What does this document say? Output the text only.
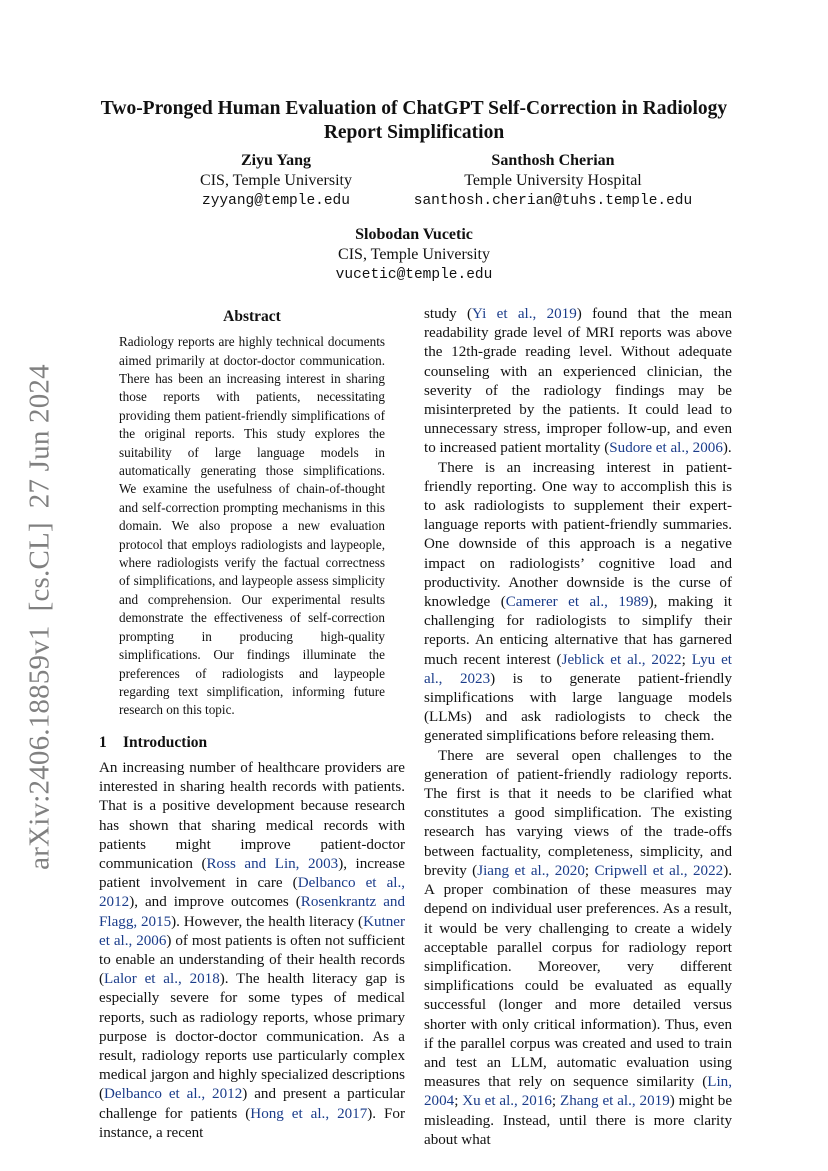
arXiv:2406.18859v1[cs.CL]27 Jun 2024
Two-Pronged Human Evaluation of ChatGPT Self-Correction in Radiology Report Simplification
Ziyu Yang
CIS, Temple University
zyyang@temple.edu
Santhosh Cherian
Temple University Hospital
santhosh.cherian@tuhs.temple.edu
Slobodan Vucetic
CIS, Temple University
vucetic@temple.edu
Abstract

Radiology reports are highly technical documents aimed primarily at doctor-doctor communication. There has been an increasing interest in sharing those reports with patients, necessitating providing them patient-friendly simplifications of the original reports. This study explores the suitability of large language models in automatically generating those simplifications. We examine the usefulness of chain-of-thought and self-correction prompting mechanisms in this domain. We also propose a new evaluation protocol that employs radiologists and laypeople, where radiologists verify the factual correctness of simplifications, and laypeople assess simplicity and comprehension. Our experimental results demonstrate the effectiveness of self-correction prompting in producing high-quality simplifications. Our findings illuminate the preferences of radiologists and laypeople regarding text simplification, informing future research on this topic.

1 Introduction

An increasing number of healthcare providers are interested in sharing health records with patients. That is a positive development because research has shown that sharing medical records with patients might improve patient-doctor communication (Ross and Lin, 2003), increase patient involvement in care (Delbanco et al., 2012), and improve outcomes (Rosenkrantz and Flagg, 2015). However, the health literacy (Kutner et al., 2006) of most patients is often not sufficient to enable an understanding of their health records (Lalor et al., 2018). The health literacy gap is especially severe for some types of medical reports, such as radiology reports, whose primary purpose is doctor-doctor communication. As a result, radiology reports use particularly complex medical jargon and highly specialized descriptions (Delbanco et al., 2012) and present a particular challenge for patients (Hong et al., 2017). For instance, a recent

study (Yi et al., 2019) found that the mean readability grade level of MRI reports was above the 12th-grade reading level. Without adequate counseling with an experienced clinician, the severity of the radiology findings may be misinterpreted by the patients. It could lead to unnecessary stress, improper follow-up, and even to increased patient mortality (Sudore et al., 2006).

There is an increasing interest in patient-friendly reporting. One way to accomplish this is to ask radiologists to supplement their expert-language reports with patient-friendly summaries. One downside of this approach is a negative impact on radiologists’ cognitive load and productivity. Another downside is the curse of knowledge (Camerer et al., 1989), making it challenging for radiologists to simplify their reports. An enticing alternative that has garnered much recent interest (Jeblick et al., 2022; Lyu et al., 2023) is to generate patient-friendly simplifications with large language models (LLMs) and ask radiologists to check the generated simplifications before releasing them.

There are several open challenges to the generation of patient-friendly radiology reports. The first is that it needs to be clarified what constitutes a good simplification. The existing research has varying views of the trade-offs between factuality, completeness, simplicity, and brevity (Jiang et al., 2020; Cripwell et al., 2022). A proper combination of these measures may depend on individual user preferences. As a result, it would be very challenging to create a widely acceptable parallel corpus for radiology report simplification. Moreover, very different simplifications could be evaluated as equally successful (longer and more detailed versus shorter with only critical information). Thus, even if the parallel corpus was created and used to train and test an LLM, automatic evaluation using measures that rely on sequence similarity (Lin, 2004; Xu et al., 2016; Zhang et al., 2019) might be misleading. Instead, until there is more clarity about what
